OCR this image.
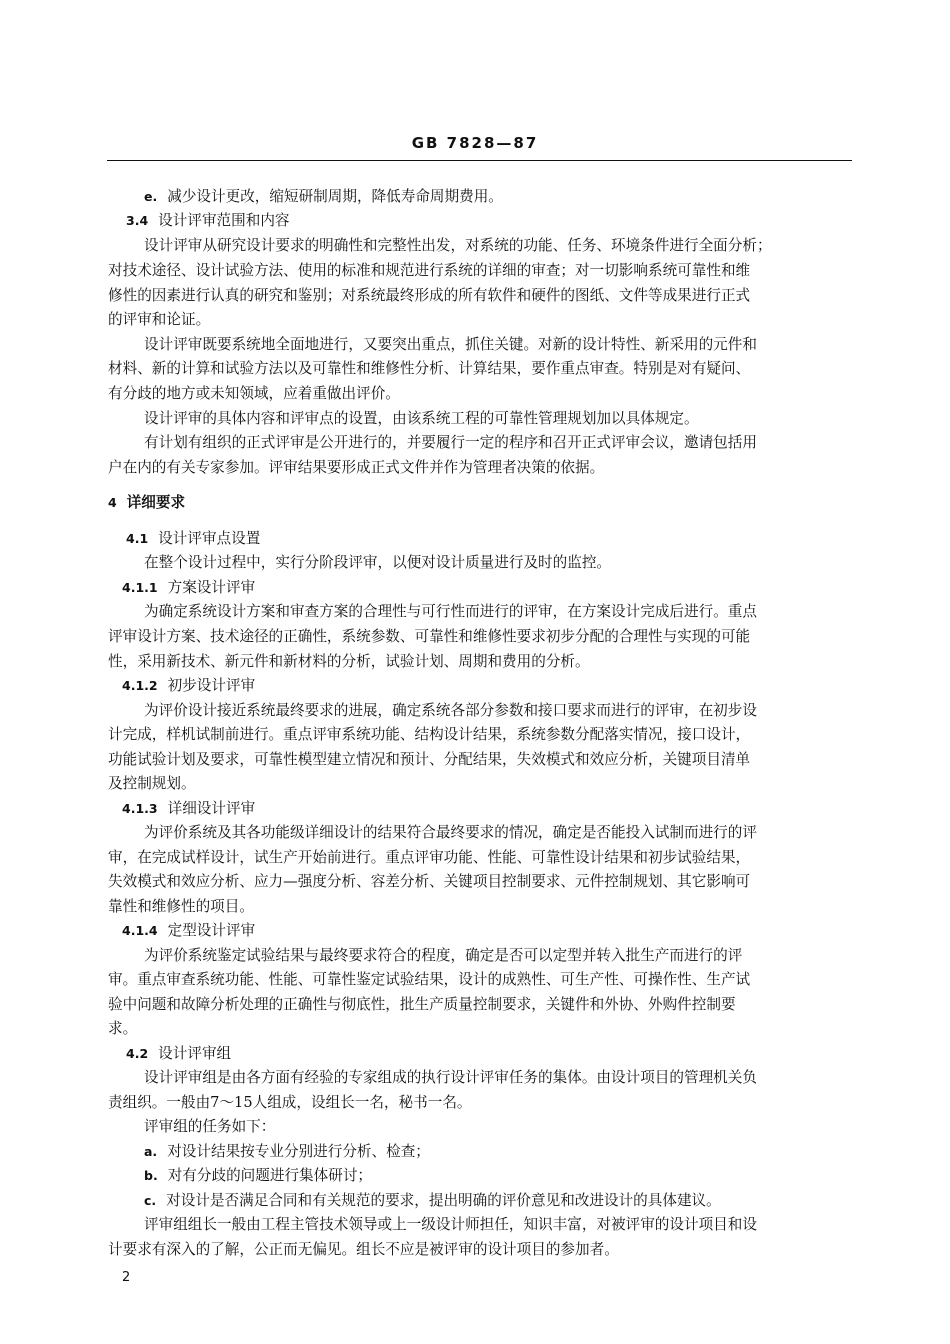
GB 7828—87
e. 减少设计更改，缩短研制周期，降低寿命周期费用。
3.4 设计评审范围和内容
设计评审从研究设计要求的明确性和完整性出发，对系统的功能、任务、环境条件进行全面分析；
对技术途径、设计试验方法、使用的标准和规范进行系统的详细的审查；对一切影响系统可靠性和维
修性的因素进行认真的研究和鉴别；对系统最终形成的所有软件和硬件的图纸、文件等成果进行正式
的评审和论证。
设计评审既要系统地全面地进行，又要突出重点，抓住关键。对新的设计特性、新采用的元件和
材料、新的计算和试验方法以及可靠性和维修性分析、计算结果，要作重点审查。特别是对有疑问、
有分歧的地方或未知领域，应着重做出评价。
设计评审的具体内容和评审点的设置，由该系统工程的可靠性管理规划加以具体规定。
有计划有组织的正式评审是公开进行的，并要履行一定的程序和召开正式评审会议，邀请包括用
户在内的有关专家参加。评审结果要形成正式文件并作为管理者决策的依据。
4 详细要求
4.1 设计评审点设置
在整个设计过程中，实行分阶段评审，以便对设计质量进行及时的监控。
4.1.1 方案设计评审
为确定系统设计方案和审查方案的合理性与可行性而进行的评审，在方案设计完成后进行。重点
评审设计方案、技术途径的正确性，系统参数、可靠性和维修性要求初步分配的合理性与实现的可能
性，采用新技术、新元件和新材料的分析，试验计划、周期和费用的分析。
4.1.2 初步设计评审
为评价设计接近系统最终要求的进展，确定系统各部分参数和接口要求而进行的评审，在初步设
计完成，样机试制前进行。重点评审系统功能、结构设计结果，系统参数分配落实情况，接口设计，
功能试验计划及要求，可靠性模型建立情况和预计、分配结果，失效模式和效应分析，关键项目清单
及控制规划。
4.1.3 详细设计评审
为评价系统及其各功能级详细设计的结果符合最终要求的情况，确定是否能投入试制而进行的评
审，在完成试样设计，试生产开始前进行。重点评审功能、性能、可靠性设计结果和初步试验结果，
失效模式和效应分析、应力—强度分析、容差分析、关键项目控制要求、元件控制规划、其它影响可
靠性和维修性的项目。
4.1.4 定型设计评审
为评价系统鉴定试验结果与最终要求符合的程度，确定是否可以定型并转入批生产而进行的评
审。重点审查系统功能、性能、可靠性鉴定试验结果，设计的成熟性、可生产性、可操作性、生产试
验中问题和故障分析处理的正确性与彻底性，批生产质量控制要求，关键件和外协、外购件控制要
求。
4.2 设计评审组
设计评审组是由各方面有经验的专家组成的执行设计评审任务的集体。由设计项目的管理机关负
责组织。一般由7～15人组成，设组长一名，秘书一名。
评审组的任务如下：
a. 对设计结果按专业分别进行分析、检查；
b. 对有分歧的问题进行集体研讨；
c. 对设计是否满足合同和有关规范的要求，提出明确的评价意见和改进设计的具体建议。
评审组组长一般由工程主管技术领导或上一级设计师担任，知识丰富，对被评审的设计项目和设
计要求有深入的了解，公正而无偏见。组长不应是被评审的设计项目的参加者。
2
